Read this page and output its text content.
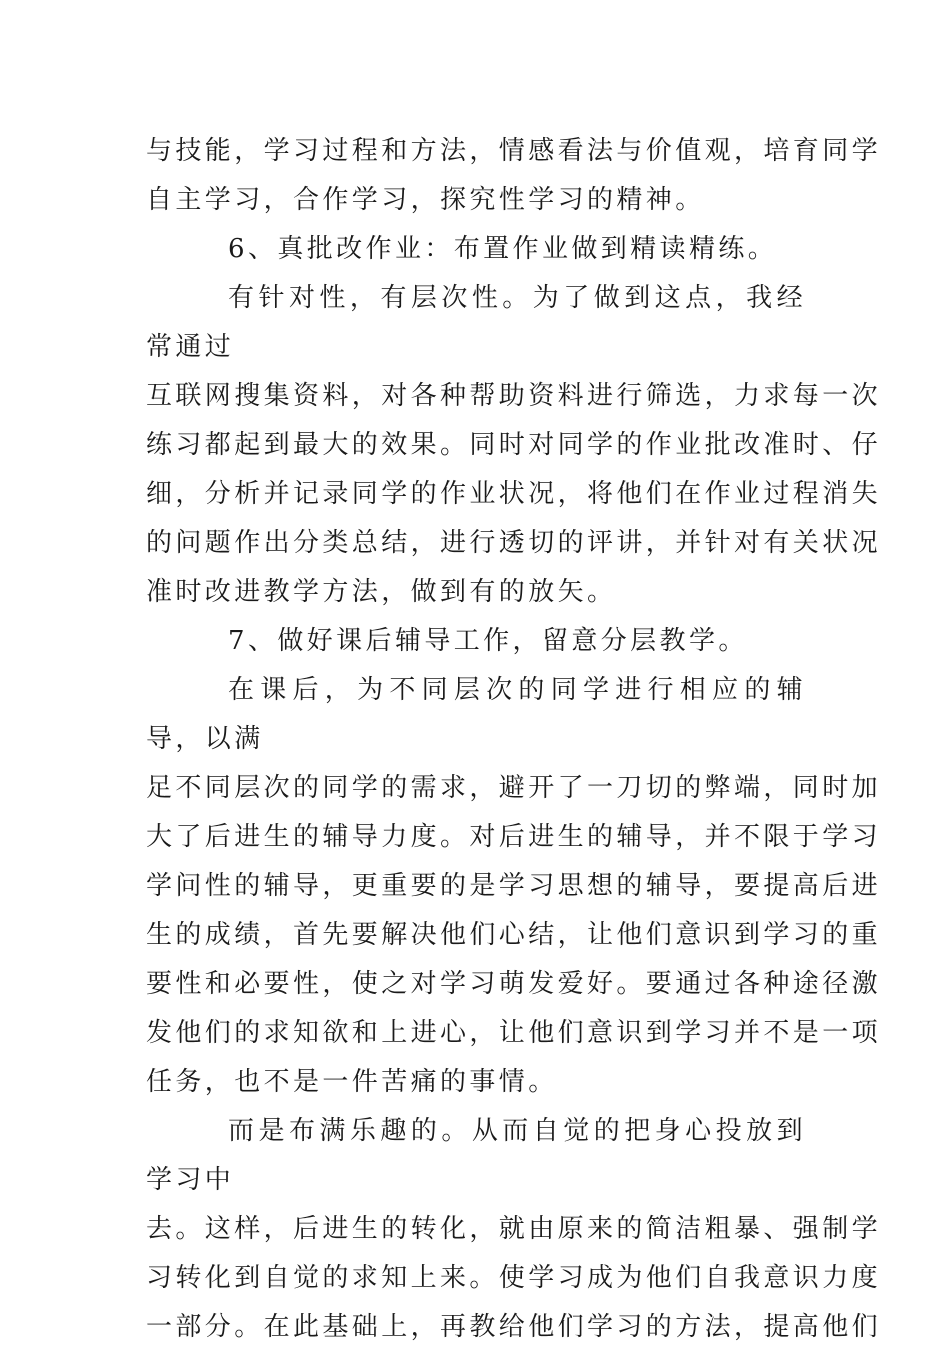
与技能，学习过程和方法，情感看法与价值观，培育同学
自主学习，合作学习，探究性学习的精神。

6、真批改作业：布置作业做到精读精练。

有针对性，有层次性。为了做到这点，我经常通过
互联网搜集资料，对各种帮助资料进行筛选，力求每一次
练习都起到最大的效果。同时对同学的作业批改准时、仔
细，分析并记录同学的作业状况，将他们在作业过程消失
的问题作出分类总结，进行透切的评讲，并针对有关状况
准时改进教学方法，做到有的放矢。

7、做好课后辅导工作，留意分层教学。

在课后，为不同层次的同学进行相应的辅导，以满
足不同层次的同学的需求，避开了一刀切的弊端，同时加
大了后进生的辅导力度。对后进生的辅导，并不限于学习
学问性的辅导，更重要的是学习思想的辅导，要提高后进
生的成绩，首先要解决他们心结，让他们意识到学习的重
要性和必要性，使之对学习萌发爱好。要通过各种途径激
发他们的求知欲和上进心，让他们意识到学习并不是一项
任务，也不是一件苦痛的事情。

而是布满乐趣的。从而自觉的把身心投放到学习中
去。这样，后进生的转化，就由原来的简洁粗暴、强制学
习转化到自觉的求知上来。使学习成为他们自我意识力度
一部分。在此基础上，再教给他们学习的方法，提高他们
